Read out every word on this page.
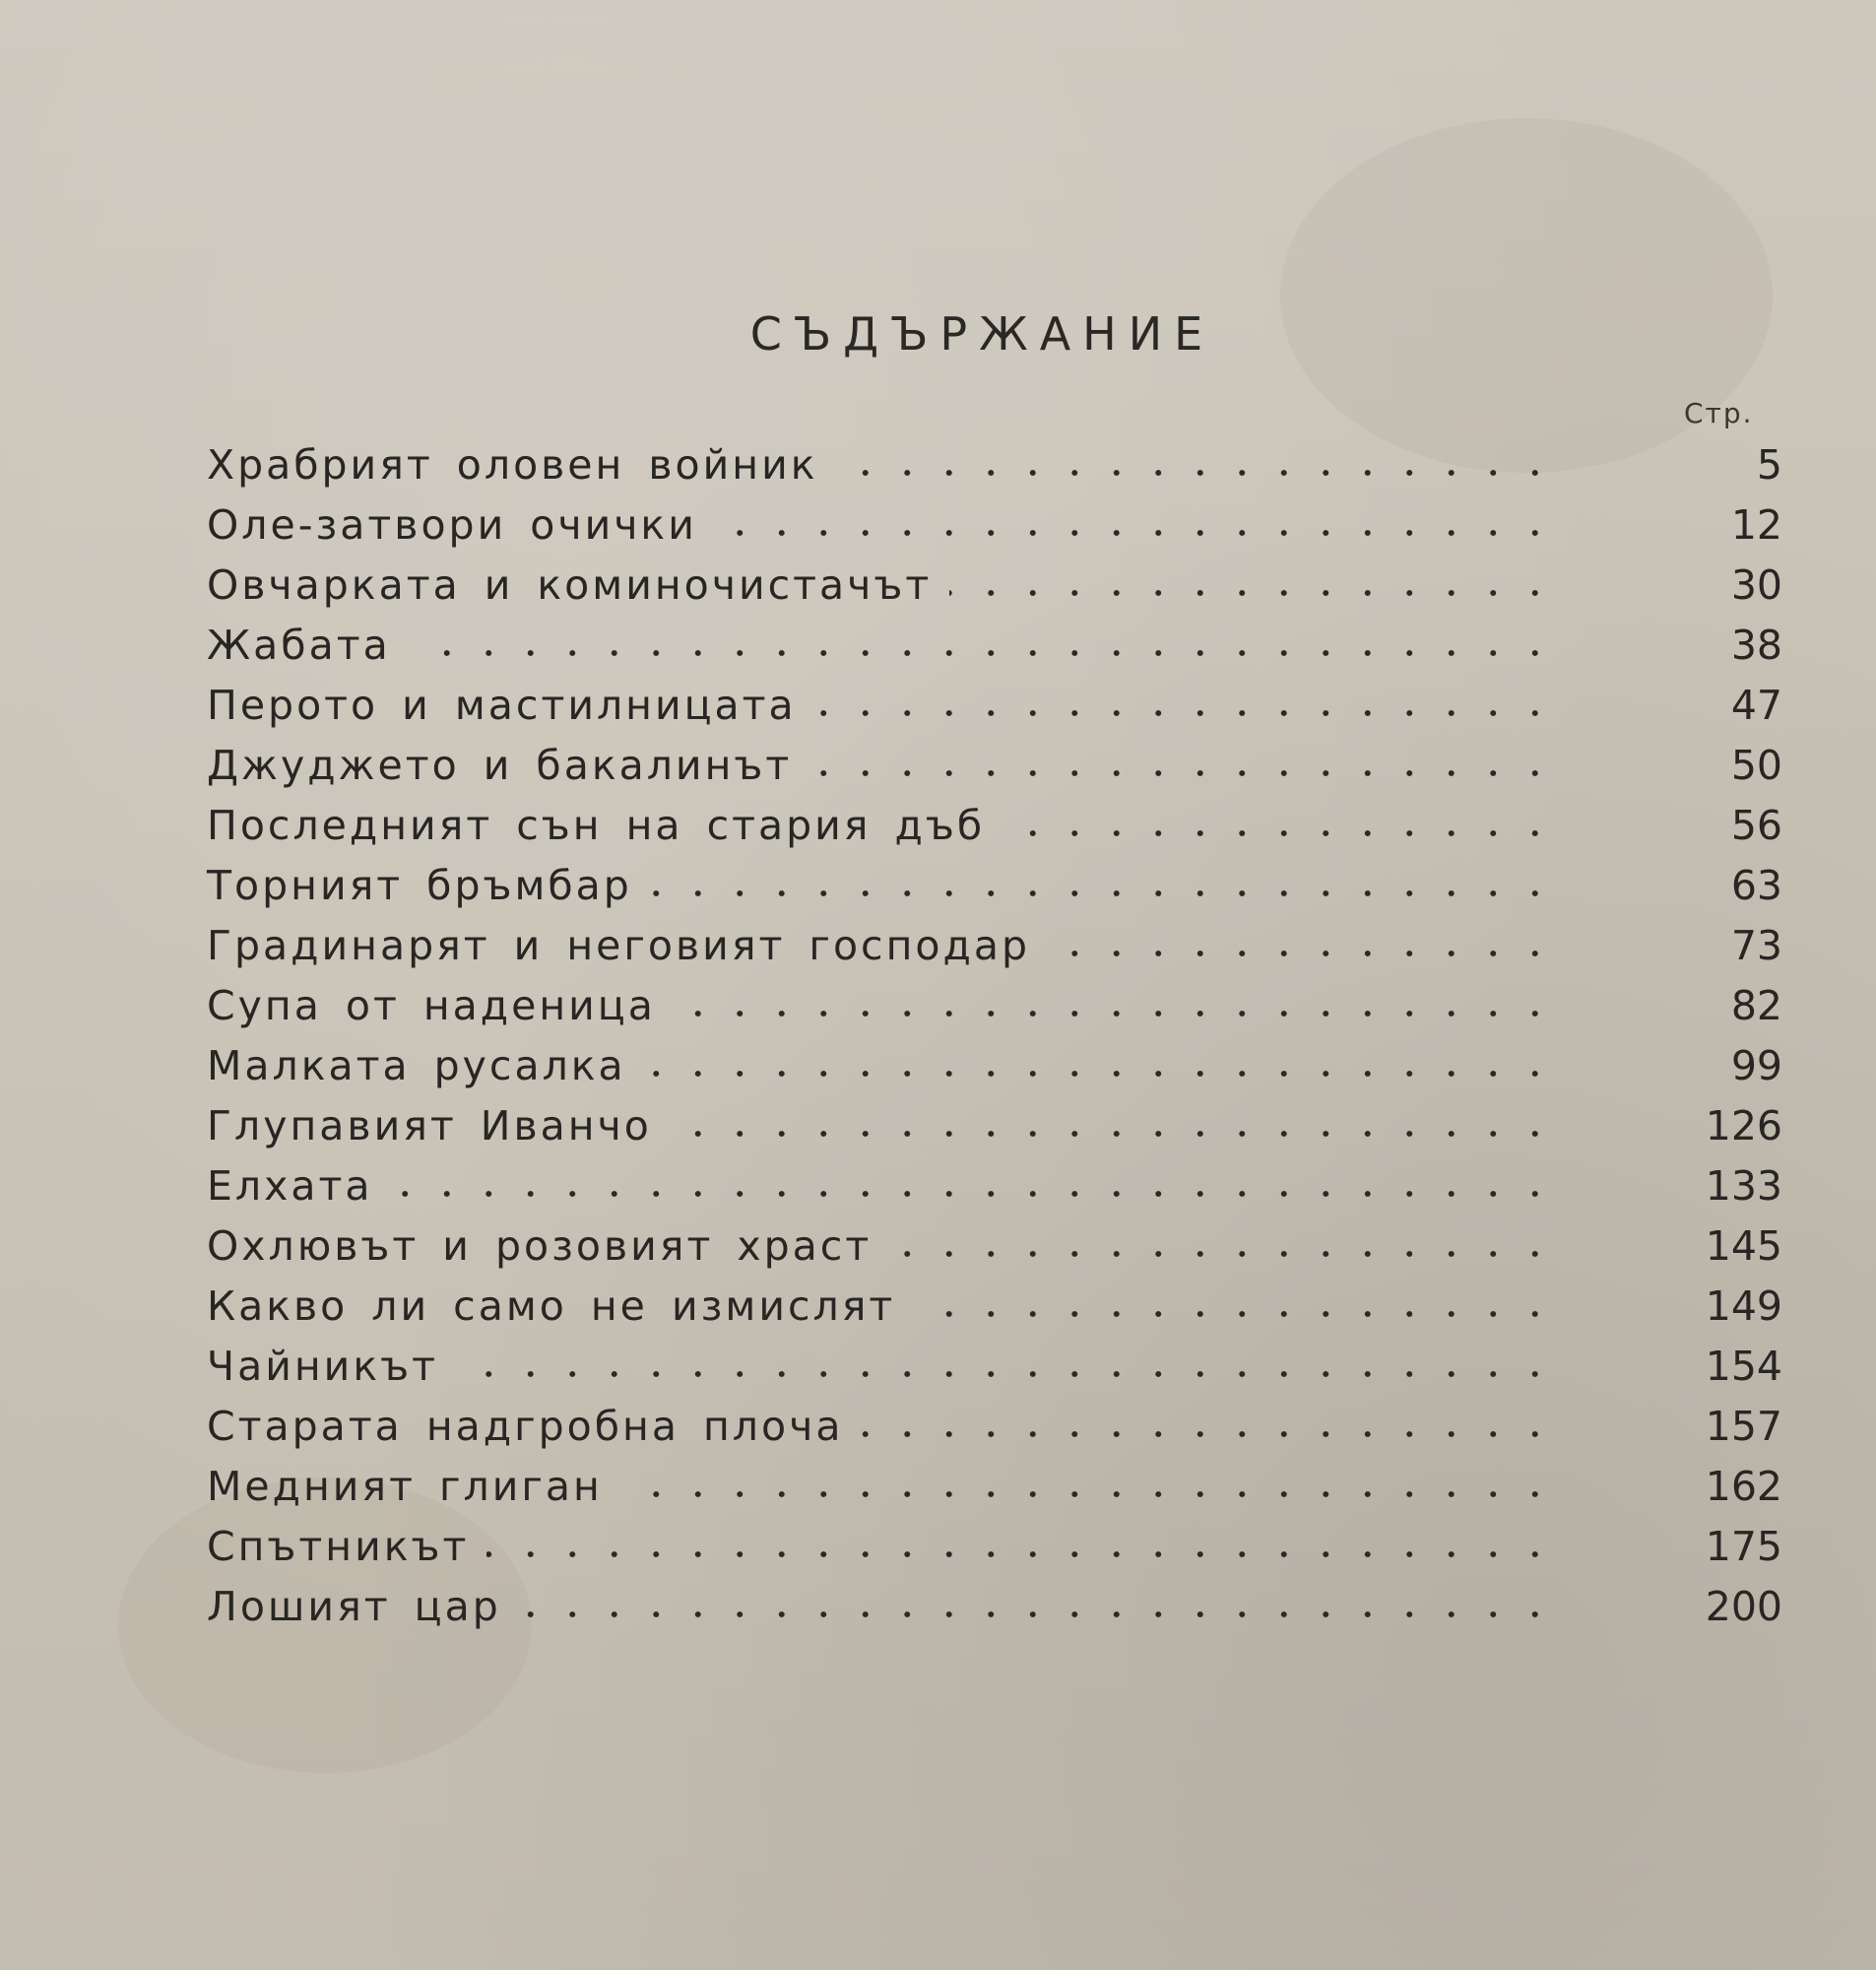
СЪДЪРЖАНИЕ
Стр.
Храбрият оловен войник	5
Оле-затвори очички	12
Овчарката и коминочистачът	30
Жабата	38
Перото и мастилницата	47
Джуджето и бакалинът	50
Последният сън на стария дъб	56
Торният бръмбар	63
Градинарят и неговият господар	73
Супа от наденица	82
Малката русалка	99
Глупавият Иванчо	126
Елхата	133
Охлювът и розовият храст	145
Какво ли само не измислят	149
Чайникът	154
Старата надгробна плоча	157
Медният глиган	162
Спътникът	175
Лошият цар	200
